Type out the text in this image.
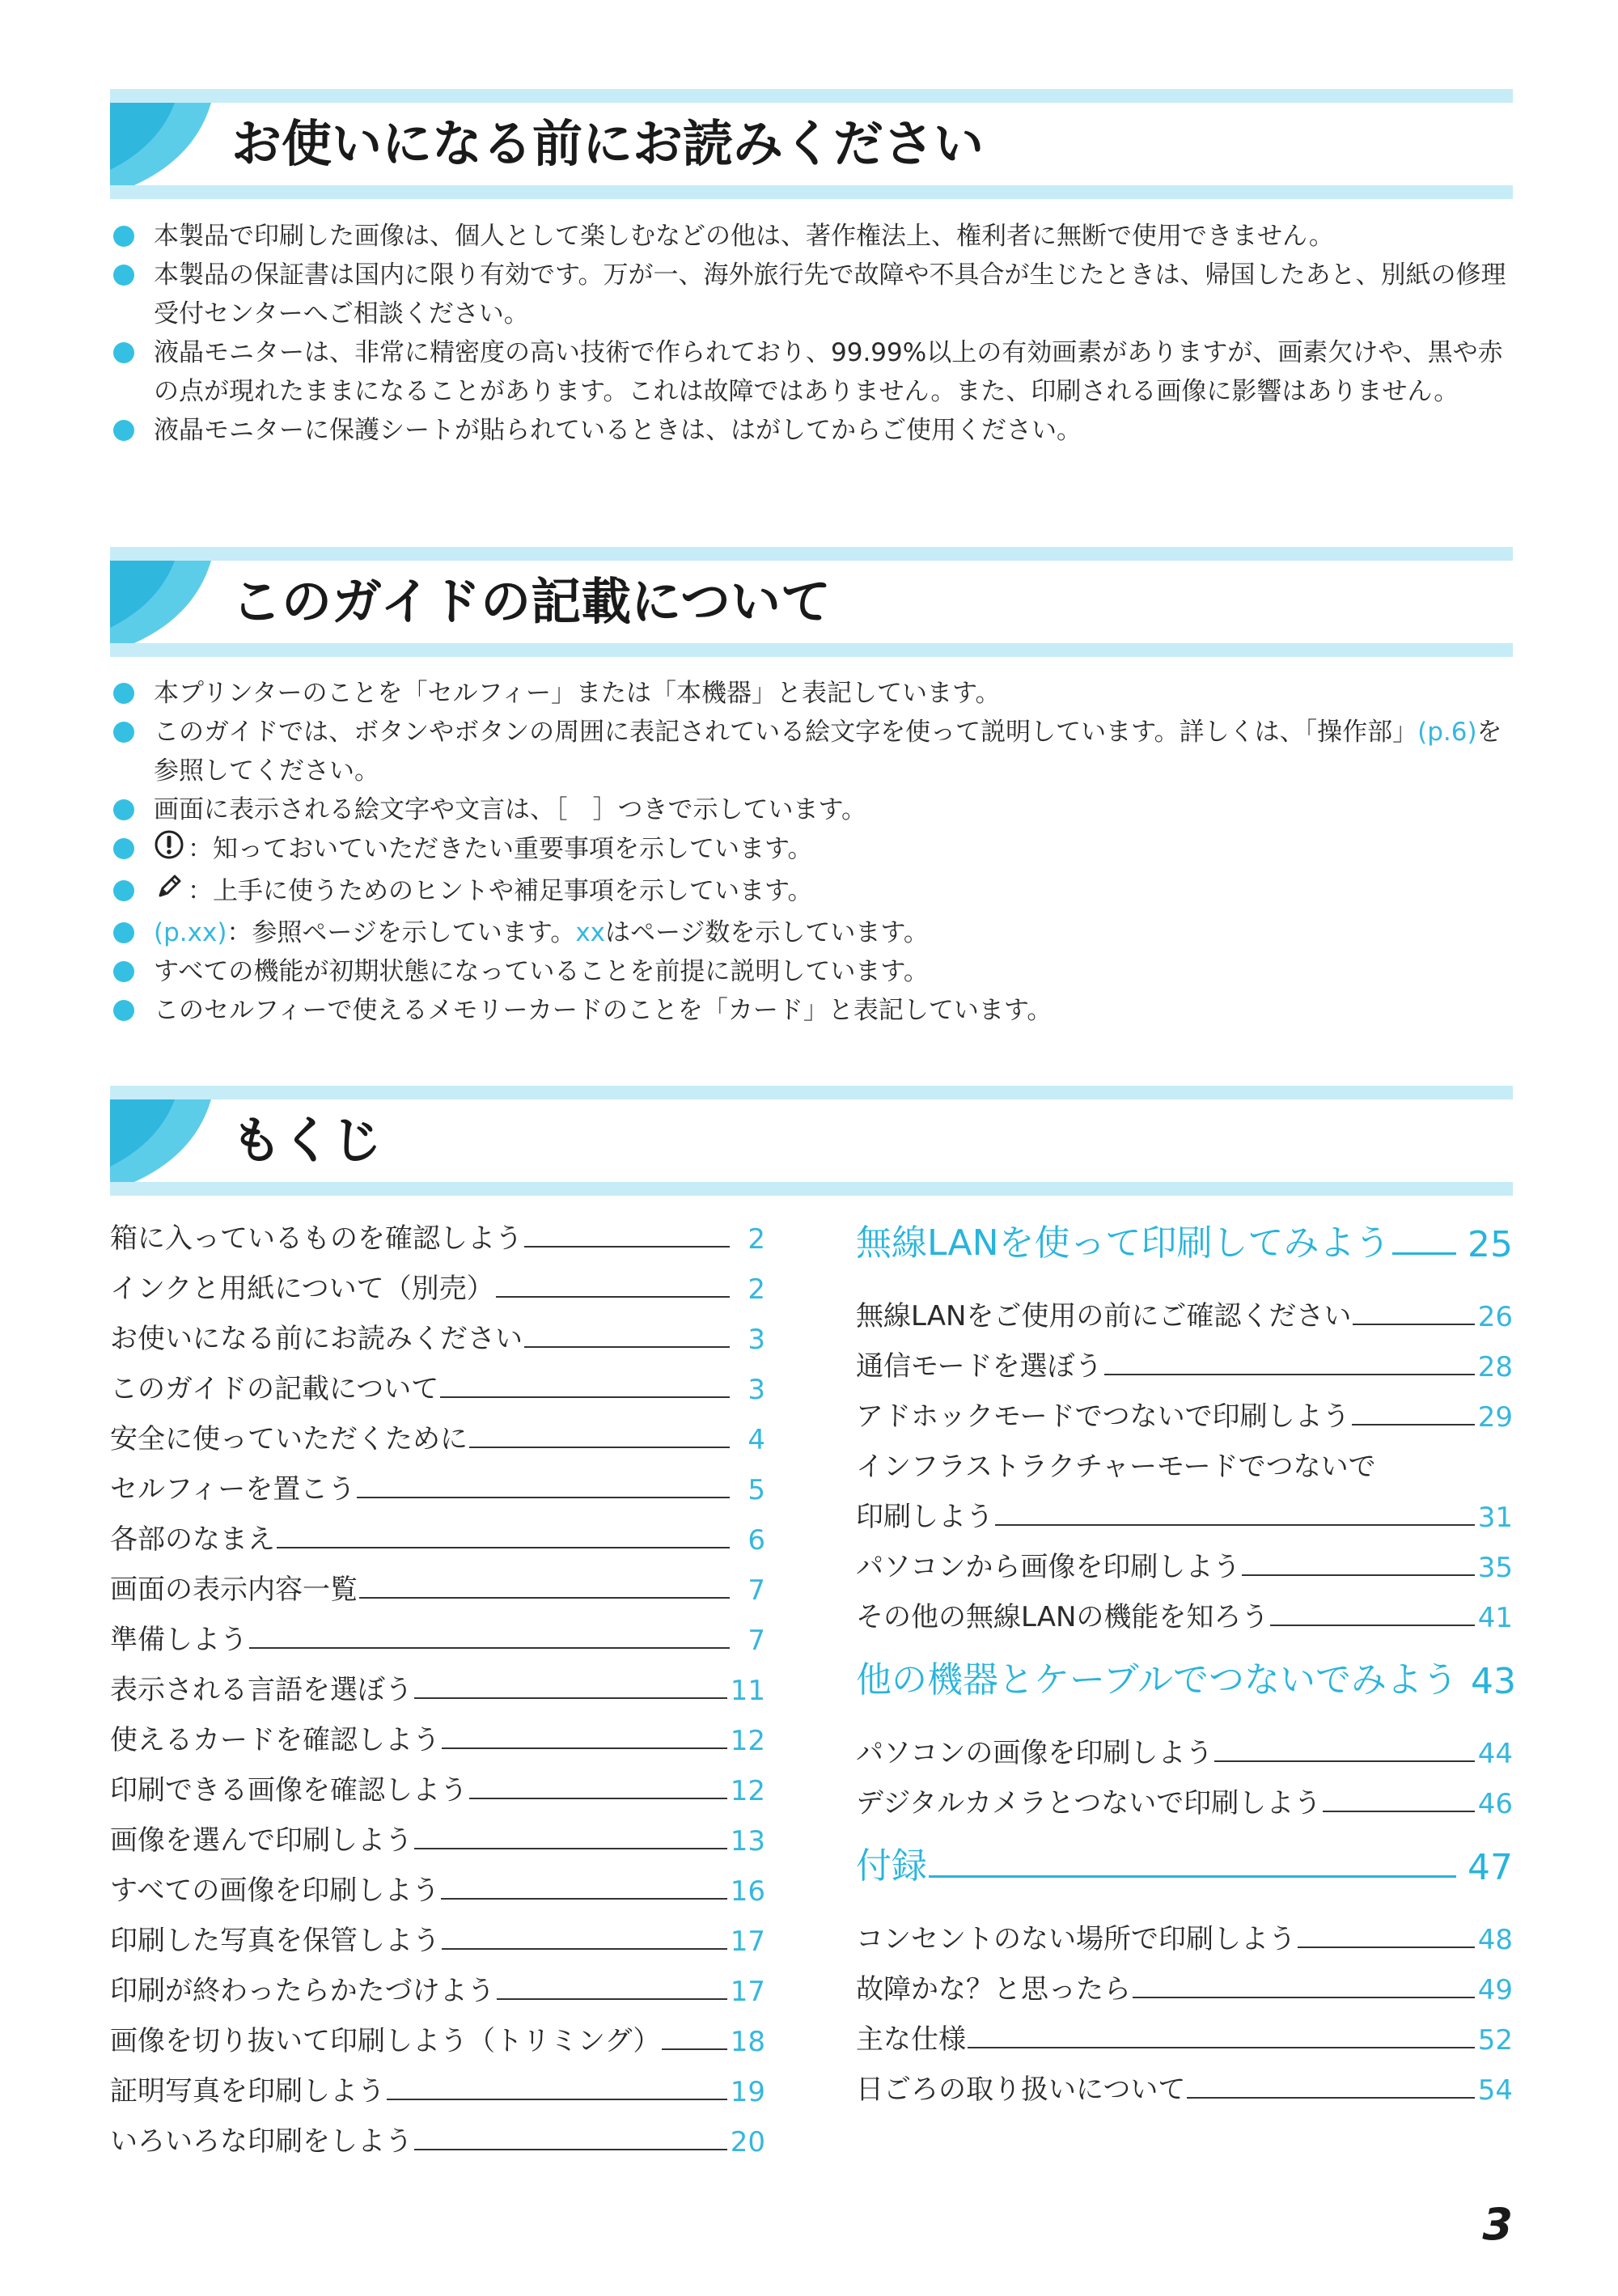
お使いになる前にお読みください
本製品で印刷した画像は、個人として楽しむなどの他は、著作権法上、権利者に無断で使用できません。
本製品の保証書は国内に限り有効です。万が一、海外旅行先で故障や不具合が生じたときは、帰国したあと、別紙の修理受付センターへご相談ください。
液晶モニターは、非常に精密度の高い技術で作られており、99.99%以上の有効画素がありますが、画素欠けや、黒や赤の点が現れたままになることがあります。これは故障ではありません。また、印刷される画像に影響はありません。
液晶モニターに保護シートが貼られているときは、はがしてからご使用ください。
このガイドの記載について
本プリンターのことを「セルフィー」または「本機器」と表記しています。
このガイドでは、ボタンやボタンの周囲に表記されている絵文字を使って説明しています。詳しくは、「操作部」(p.6)を参照してください。
画面に表示される絵文字や文言は、［　］つきで示しています。
：知っておいていただきたい重要事項を示しています。
：上手に使うためのヒントや補足事項を示しています。
(p.xx)：参照ページを示しています。xxはページ数を示しています。
すべての機能が初期状態になっていることを前提に説明しています。
このセルフィーで使えるメモリーカードのことを「カード」と表記しています。
もくじ
箱に入っているものを確認しよう	2
インクと用紙について（別売）	2
お使いになる前にお読みください	3
このガイドの記載について	3
安全に使っていただくために	4
セルフィーを置こう	5
各部のなまえ	6
画面の表示内容一覧	7
準備しよう	7
表示される言語を選ぼう	11
使えるカードを確認しよう	12
印刷できる画像を確認しよう	12
画像を選んで印刷しよう	13
すべての画像を印刷しよう	16
印刷した写真を保管しよう	17
印刷が終わったらかたづけよう	17
画像を切り抜いて印刷しよう（トリミング）	18
証明写真を印刷しよう	19
いろいろな印刷をしよう	20
無線LANを使って印刷してみよう 25
無線LANをご使用の前にご確認ください	26
通信モードを選ぼう	28
アドホックモードでつないで印刷しよう	29
インフラストラクチャーモードでつないで
印刷しよう	31
パソコンから画像を印刷しよう	35
その他の無線LANの機能を知ろう	41
他の機器とケーブルでつないでみよう 43
パソコンの画像を印刷しよう	44
デジタルカメラとつないで印刷しよう	46
付録	47
コンセントのない場所で印刷しよう	48
故障かな？と思ったら	49
主な仕様	52
日ごろの取り扱いについて	54
3
